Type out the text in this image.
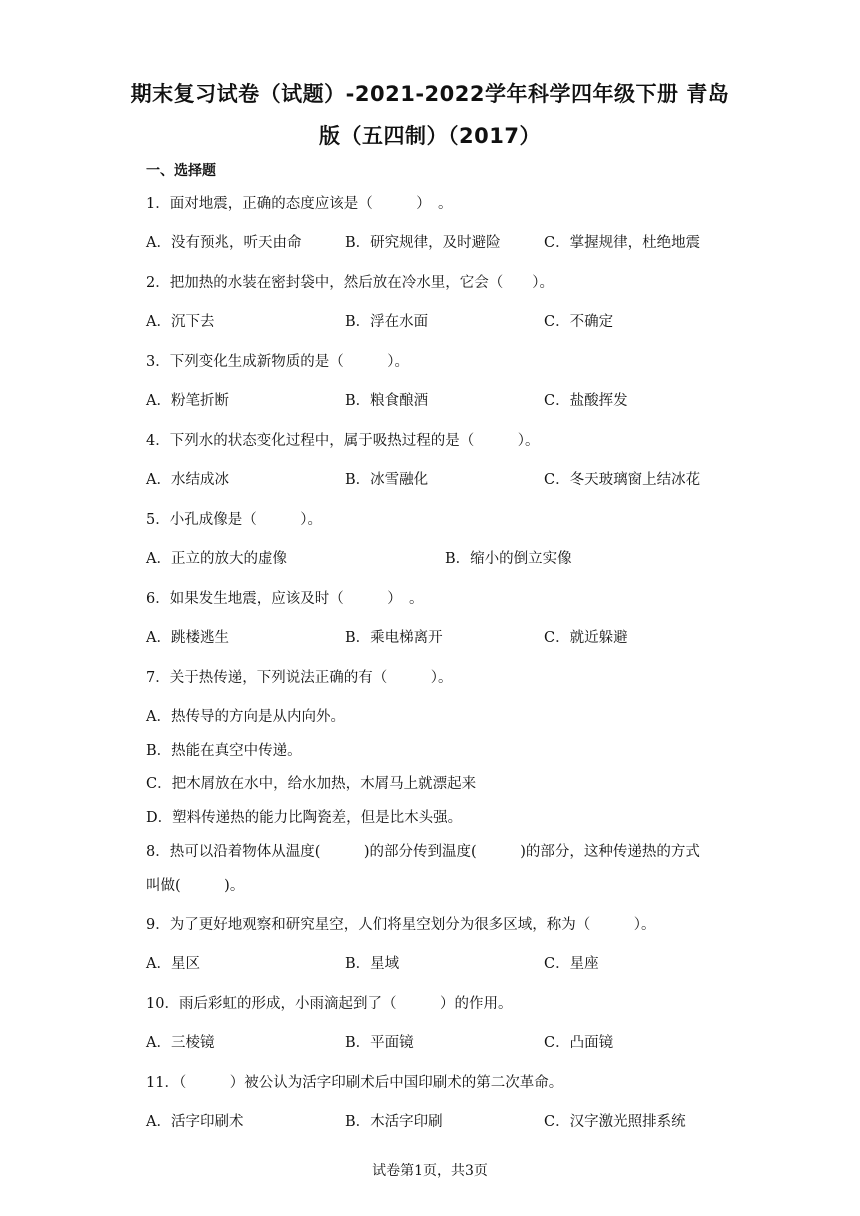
期末复习试卷（试题）-2021-2022学年科学四年级下册 青岛
版（五四制）（2017）
一、选择题
1．面对地震，正确的态度应该是（　　　）　。
A．没有预兆，听天由命	B．研究规律，及时避险	C．掌握规律，杜绝地震
2．把加热的水装在密封袋中，然后放在冷水里，它会（　　）。
A．沉下去	B．浮在水面	C．不确定
3．下列变化生成新物质的是（　　　）。
A．粉笔折断	B．粮食酿酒	C．盐酸挥发
4．下列水的状态变化过程中，属于吸热过程的是（　　　）。
A．水结成冰	B．冰雪融化	C．冬天玻璃窗上结冰花
5．小孔成像是（　　　）。
A．正立的放大的虚像	B．缩小的倒立实像
6．如果发生地震，应该及时（　　　）　。
A．跳楼逃生	B．乘电梯离开	C．就近躲避
7．关于热传递，下列说法正确的有（　　　）。
A．热传导的方向是从内向外。
B．热能在真空中传递。
C．把木屑放在水中，给水加热，木屑马上就漂起来
D．塑料传递热的能力比陶瓷差，但是比木头强。
8．热可以沿着物体从温度(　　　)的部分传到温度(　　　)的部分，这种传递热的方式
叫做(　　　)。
9．为了更好地观察和研究星空，人们将星空划分为很多区域，称为（　　　）。
A．星区	B．星域	C．星座
10．雨后彩虹的形成，小雨滴起到了（　　　）的作用。
A．三棱镜	B．平面镜	C．凸面镜
11．（　　　）被公认为活字印刷术后中国印刷术的第二次革命。
A．活字印刷术	B．木活字印刷	C．汉字激光照排系统
试卷第1页，共3页
